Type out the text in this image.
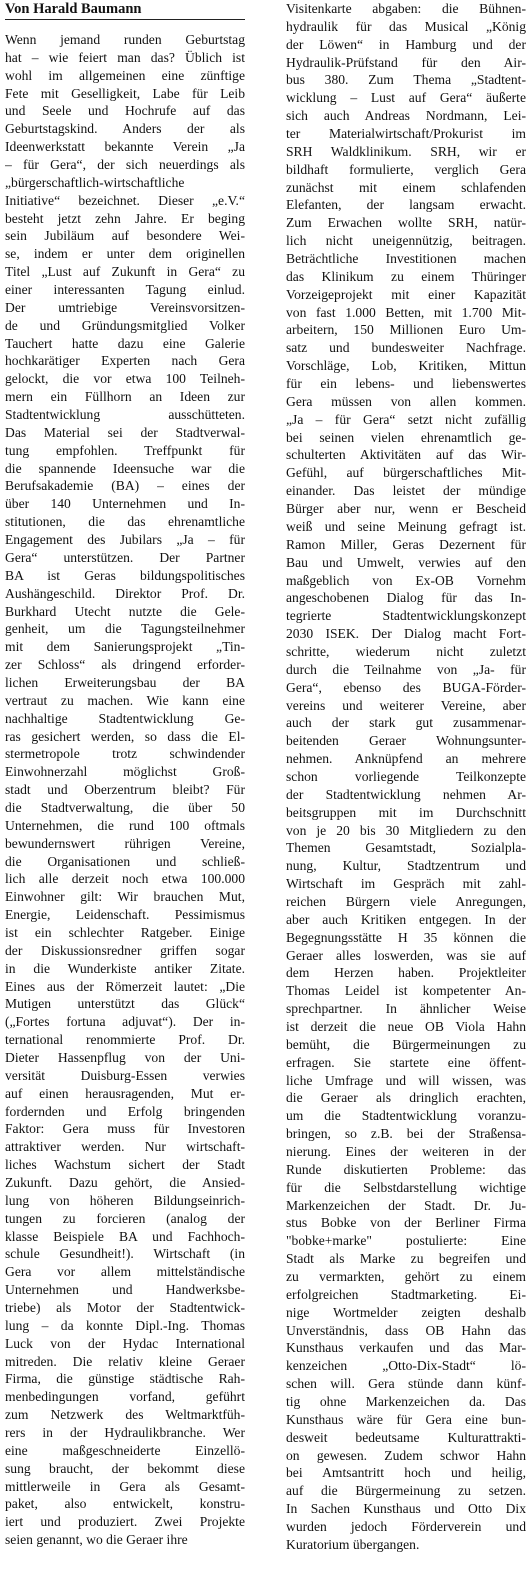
Von Harald Baumann
Wenn jemand runden Geburtstag
hat – wie feiert man das? Üblich ist
wohl im allgemeinen eine zünftige
Fete mit Geselligkeit, Labe für Leib
und Seele und Hochrufe auf das
Geburtstagskind. Anders der als
Ideenwerkstatt bekannte Verein „Ja
– für Gera“, der sich neuerdings als
„bürgerschaftlich-wirtschaftliche
Initiative“ bezeichnet. Dieser „e.V.“
besteht jetzt zehn Jahre. Er beging
sein Jubiläum auf besondere Wei-
se, indem er unter dem originellen
Titel „Lust auf Zukunft in Gera“ zu
einer interessanten Tagung einlud.
Der umtriebige Vereinsvorsitzen-
de und Gründungsmitglied Volker
Tauchert hatte dazu eine Galerie
hochkarätiger Experten nach Gera
gelockt, die vor etwa 100 Teilneh-
mern ein Füllhorn an Ideen zur
Stadtentwicklung ausschütteten.
Das Material sei der Stadtverwal-
tung empfohlen. Treffpunkt für
die spannende Ideensuche war die
Berufsakademie (BA) – eines der
über 140 Unternehmen und In-
stitutionen, die das ehrenamtliche
Engagement des Jubilars „Ja – für
Gera“ unterstützen. Der Partner
BA ist Geras bildungspolitisches
Aushängeschild. Direktor Prof. Dr.
Burkhard Utecht nutzte die Gele-
genheit, um die Tagungsteilnehmer
mit dem Sanierungsprojekt „Tin-
zer Schloss“ als dringend erforder-
lichen Erweiterungsbau der BA
vertraut zu machen. Wie kann eine
nachhaltige Stadtentwicklung Ge-
ras gesichert werden, so dass die El-
stermetropole trotz schwindender
Einwohnerzahl möglichst Groß-
stadt und Oberzentrum bleibt? Für
die Stadtverwaltung, die über 50
Unternehmen, die rund 100 oftmals
bewundernswert rührigen Vereine,
die Organisationen und schließ-
lich alle derzeit noch etwa 100.000
Einwohner gilt: Wir brauchen Mut,
Energie, Leidenschaft. Pessimismus
ist ein schlechter Ratgeber. Einige
der Diskussionsredner griffen sogar
in die Wunderkiste antiker Zitate.
Eines aus der Römerzeit lautet: „Die
Mutigen unterstützt das Glück“
(„Fortes fortuna adjuvat“). Der in-
ternational renommierte Prof. Dr.
Dieter Hassenpflug von der Uni-
versität Duisburg-Essen verwies
auf einen herausragenden, Mut er-
fordernden und Erfolg bringenden
Faktor: Gera muss für Investoren
attraktiver werden. Nur wirtschaft-
liches Wachstum sichert der Stadt
Zukunft. Dazu gehört, die Ansied-
lung von höheren Bildungseinrich-
tungen zu forcieren (analog der
klasse Beispiele BA und Fachhoch-
schule Gesundheit!). Wirtschaft (in
Gera vor allem mittelständische
Unternehmen und Handwerksbe-
triebe) als Motor der Stadtentwick-
lung – da konnte Dipl.-Ing. Thomas
Luck von der Hydac International
mitreden. Die relativ kleine Geraer
Firma, die günstige städtische Rah-
menbedingungen vorfand, geführt
zum Netzwerk des Weltmarktfüh-
rers in der Hydraulikbranche. Wer
eine maßgeschneiderte Einzellö-
sung braucht, der bekommt diese
mittlerweile in Gera als Gesamt-
paket, also entwickelt, konstru-
iert und produziert. Zwei Projekte
seien genannt, wo die Geraer ihre
Visitenkarte abgaben: die Bühnen-
hydraulik für das Musical „König
der Löwen“ in Hamburg und der
Hydraulik-Prüfstand für den Air-
bus 380. Zum Thema „Stadtent-
wicklung – Lust auf Gera“ äußerte
sich auch Andreas Nordmann, Lei-
ter Materialwirtschaft/Prokurist im
SRH Waldklinikum. SRH, wir er
bildhaft formulierte, verglich Gera
zunächst mit einem schlafenden
Elefanten, der langsam erwacht.
Zum Erwachen wollte SRH, natür-
lich nicht uneigennützig, beitragen.
Beträchtliche Investitionen machen
das Klinikum zu einem Thüringer
Vorzeigeprojekt mit einer Kapazität
von fast 1.000 Betten, mit 1.700 Mit-
arbeitern, 150 Millionen Euro Um-
satz und bundesweiter Nachfrage.
Vorschläge, Lob, Kritiken, Mittun
für ein lebens- und liebenswertes
Gera müssen von allen kommen.
„Ja – für Gera“ setzt nicht zufällig
bei seinen vielen ehrenamtlich ge-
schulterten Aktivitäten auf das Wir-
Gefühl, auf bürgerschaftliches Mit-
einander. Das leistet der mündige
Bürger aber nur, wenn er Bescheid
weiß und seine Meinung gefragt ist.
Ramon Miller, Geras Dezernent für
Bau und Umwelt, verwies auf den
maßgeblich von Ex-OB Vornehm
angeschobenen Dialog für das In-
tegrierte Stadtentwicklungskonzept
2030 ISEK. Der Dialog macht Fort-
schritte, wiederum nicht zuletzt
durch die Teilnahme von „Ja- für
Gera“, ebenso des BUGA-Förder-
vereins und weiterer Vereine, aber
auch der stark gut zusammenar-
beitenden Geraer Wohnungsunter-
nehmen. Anknüpfend an mehrere
schon vorliegende Teilkonzepte
der Stadtentwicklung nehmen Ar-
beitsgruppen mit im Durchschnitt
von je 20 bis 30 Mitgliedern zu den
Themen Gesamtstadt, Sozialpla-
nung, Kultur, Stadtzentrum und
Wirtschaft im Gespräch mit zahl-
reichen Bürgern viele Anregungen,
aber auch Kritiken entgegen. In der
Begegnungsstätte H 35 können die
Geraer alles loswerden, was sie auf
dem Herzen haben. Projektleiter
Thomas Leidel ist kompetenter An-
sprechpartner. In ähnlicher Weise
ist derzeit die neue OB Viola Hahn
bemüht, die Bürgermeinungen zu
erfragen. Sie startete eine öffent-
liche Umfrage und will wissen, was
die Geraer als dringlich erachten,
um die Stadtentwicklung voranzu-
bringen, so z.B. bei der Straßensa-
nierung. Eines der weiteren in der
Runde diskutierten Probleme: das
für die Selbstdarstellung wichtige
Markenzeichen der Stadt. Dr. Ju-
stus Bobke von der Berliner Firma
"bobke+marke" postulierte: Eine
Stadt als Marke zu begreifen und
zu vermarkten, gehört zu einem
erfolgreichen Stadtmarketing. Ei-
nige Wortmelder zeigten deshalb
Unverständnis, dass OB Hahn das
Kunsthaus verkaufen und das Mar-
kenzeichen „Otto-Dix-Stadt“ lö-
schen will. Gera stünde dann künf-
tig ohne Markenzeichen da. Das
Kunsthaus wäre für Gera eine bun-
desweit bedeutsame Kulturattrakti-
on gewesen. Zudem schwor Hahn
bei Amtsantritt hoch und heilig,
auf die Bürgermeinung zu setzen.
In Sachen Kunsthaus und Otto Dix
wurden jedoch Förderverein und
Kuratorium übergangen.
